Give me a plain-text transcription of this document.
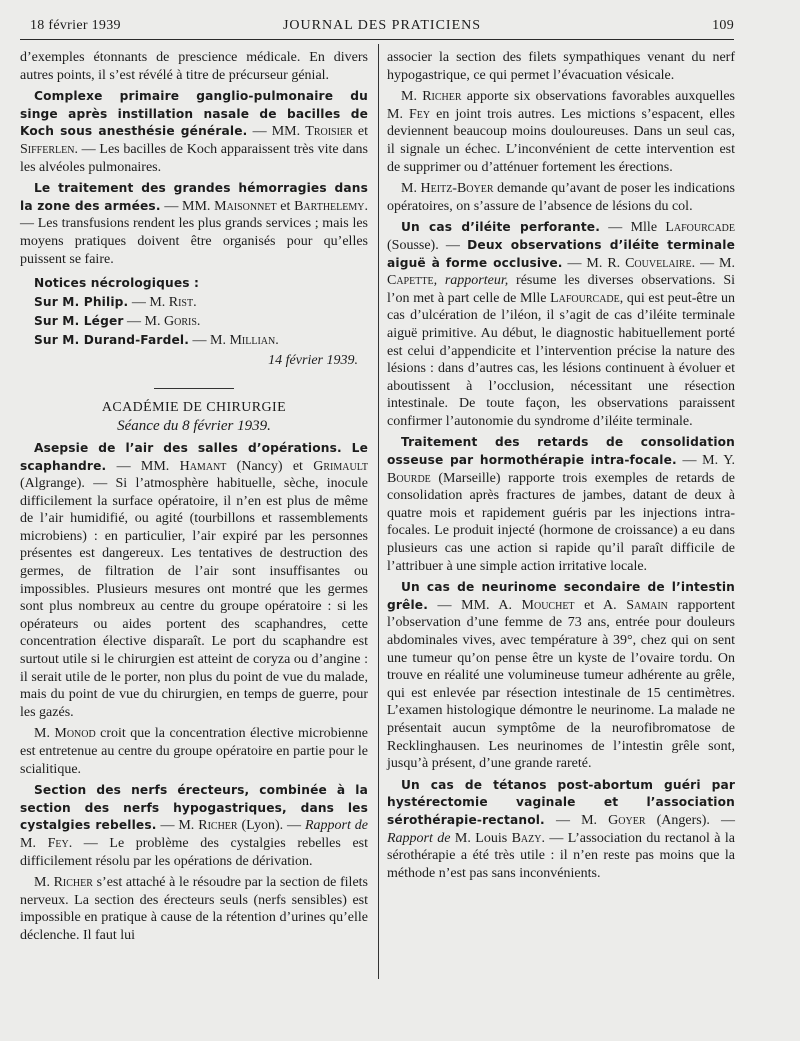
18 février 1939	JOURNAL DES PRATICIENS	109

d’exemples étonnants de prescience médicale. En divers autres points, il s’est révélé à titre de précurseur génial.

Complexe primaire ganglio-pulmonaire du singe après instillation nasale de bacilles de Koch sous anesthésie générale. — MM. Troisier et Sifferlen. — Les bacilles de Koch apparaissent très vite dans les alvéoles pulmonaires.

Le traitement des grandes hémorragies dans la zone des armées. — MM. Maisonnet et Barthelemy. — Les transfusions rendent les plus grands services ; mais les moyens pratiques doivent être organisés pour qu’elles puissent se faire.

Notices nécrologiques :

Sur M. Philip. — M. Rist.

Sur M. Léger — M. Goris.

Sur M. Durand-Fardel. — M. Millian.

14 février 1939.

ACADÉMIE DE CHIRURGIE
Séance du 8 février 1939.

Asepsie de l’air des salles d’opérations. Le scaphandre. — MM. Hamant (Nancy) et Grimault (Algrange). — Si l’atmosphère habituelle, sèche, inocule difficilement la surface opératoire, il n’en est plus de même de l’air humidifié, ou agité (tourbillons et rassemblements microbiens) : en particulier, l’air expiré par les personnes présentes est dangereux. Les tentatives de destruction des germes, de filtration de l’air sont insuffisantes ou impossibles. Plusieurs mesures ont montré que les germes sont plus nombreux au centre du groupe opératoire : si les opérateurs ou aides portent des scaphandres, cette concentration élective disparaît. Le port du scaphandre est surtout utile si le chirurgien est atteint de coryza ou d’angine : il serait utile de le porter, non plus du point de vue du malade, mais du point de vue du chirurgien, en temps de guerre, pour les gazés.

M. Monod croit que la concentration élective microbienne est entretenue au centre du groupe opératoire en partie pour le scialitique.

Section des nerfs érecteurs, combinée à la section des nerfs hypogastriques, dans les cystalgies rebelles. — M. Richer (Lyon). — Rapport de M. Fey. — Le problème des cystalgies rebelles est difficilement résolu par les opérations de dérivation.

M. Richer s’est attaché à le résoudre par la section de filets nerveux. La section des érecteurs seuls (nerfs sensibles) est impossible en pratique à cause de la rétention d’urines qu’elle déclenche. Il faut lui

associer la section des filets sympathiques venant du nerf hypogastrique, ce qui permet l’évacuation vésicale.

M. Richer apporte six observations favorables auxquelles M. Fey en joint trois autres. Les mictions s’espacent, elles deviennent beaucoup moins douloureuses. Dans un seul cas, il signale un échec. L’inconvénient de cette intervention est de supprimer ou d’atténuer fortement les érections.

M. Heitz-Boyer demande qu’avant de poser les indications opératoires, on s’assure de l’absence de lésions du col.

Un cas d’iléite perforante. — Mlle Lafourcade (Sousse). — Deux observations d’iléite terminale aiguë à forme occlusive. — M. R. Couvelaire. — M. Capette, rapporteur, résume les diverses observations. Si l’on met à part celle de Mlle Lafourcade, qui est peut-être un cas d’ulcération de l’iléon, il s’agit de cas d’iléite terminale aiguë primitive. Au début, le diagnostic habituellement porté est celui d’appendicite et l’intervention précise la nature des lésions : dans d’autres cas, les lésions continuent à évoluer et aboutissent à l’occlusion, nécessitant une résection intestinale. De toute façon, les observations paraissent confirmer l’autonomie du syndrome d’iléite terminale.

Traitement des retards de consolidation osseuse par hormothérapie intra-focale. — M. Y. Bourde (Marseille) rapporte trois exemples de retards de consolidation après fractures de jambes, datant de deux à quatre mois et rapidement guéris par les injections intra-focales. Le produit injecté (hormone de croissance) a eu dans plusieurs cas une action si rapide qu’il paraît difficile de l’attribuer à une simple action irritative locale.

Un cas de neurinome secondaire de l’intestin grêle. — MM. A. Mouchet et A. Samain rapportent l’observation d’une femme de 73 ans, entrée pour douleurs abdominales vives, avec température à 39°, chez qui on sent une tumeur qu’on pense être un kyste de l’ovaire tordu. On trouve en réalité une volumineuse tumeur adhérente au grêle, qui est enlevée par résection intestinale de 15 centimètres. L’examen histologique démontre le neurinome. La malade ne présentait aucun symptôme de la neurofibromatose de Recklinghausen. Les neurinomes de l’intestin grêle sont, jusqu’à présent, d’une grande rareté.

Un cas de tétanos post-abortum guéri par hystérectomie vaginale et l’association sérothérapie-rectanol. — M. Goyer (Angers). — Rapport de M. Louis Bazy. — L’association du rectanol à la sérothérapie a été très utile : il n’en reste pas moins que la méthode n’est pas sans inconvénients.
